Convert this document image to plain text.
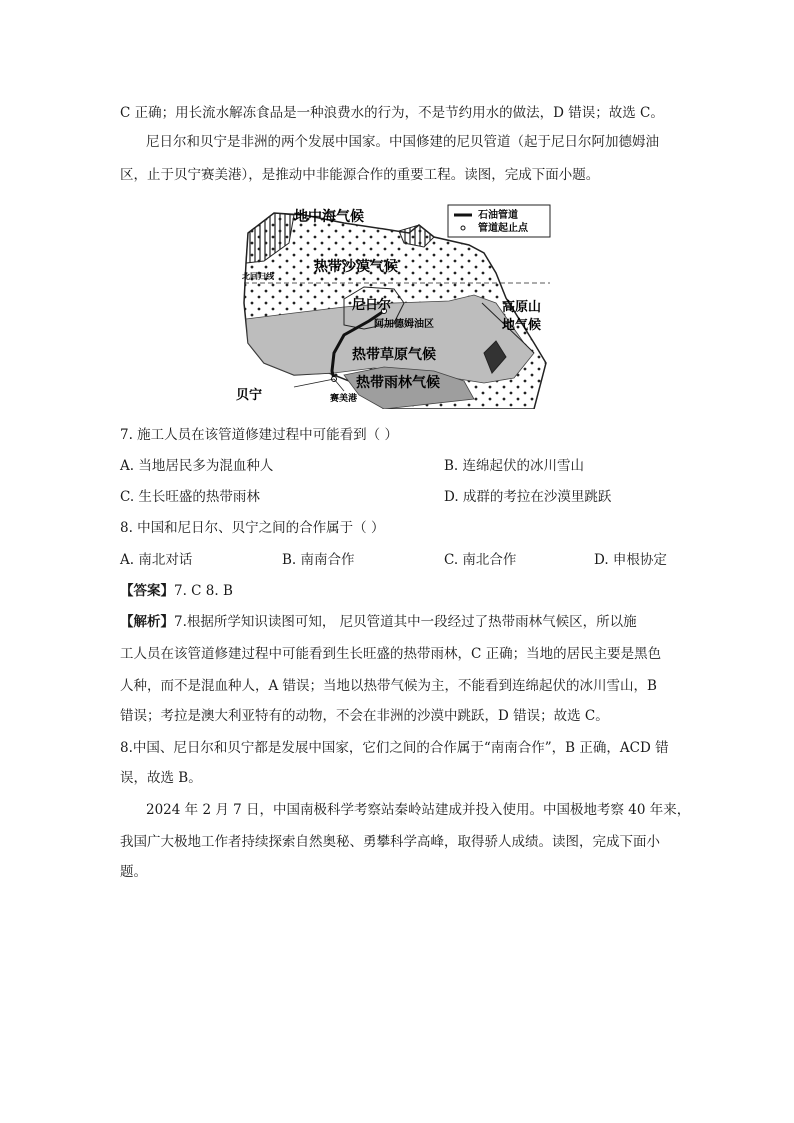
C 正确；用长流水解冻食品是一种浪费水的行为，不是节约用水的做法，D 错误；故选 C。
尼日尔和贝宁是非洲的两个发展中国家。中国修建的尼贝管道（起于尼日尔阿加德姆油
区，止于贝宁赛美港），是推动中非能源合作的重要工程。读图，完成下面小题。
石油管道
管道起止点
地中海气候
热带沙漠气候
北回归线
尼日尔
阿加德姆油区
高原山
地气候
热带草原气候
热带雨林气候
贝宁	赛美港
7. 施工人员在该管道修建过程中可能看到（ ）
A. 当地居民多为混血种人	B. 连绵起伏的冰川雪山
C. 生长旺盛的热带雨林	D. 成群的考拉在沙漠里跳跃
8. 中国和尼日尔、贝宁之间的合作属于（ ）
A. 南北对话	B. 南南合作	C. 南北合作	D. 申根协定
【答案】7. C 8. B
【解析】7.根据所学知识读图可知， 尼贝管道其中一段经过了热带雨林气候区，所以施
工人员在该管道修建过程中可能看到生长旺盛的热带雨林，C 正确；当地的居民主要是黑色
人种，而不是混血种人，A 错误；当地以热带气候为主，不能看到连绵起伏的冰川雪山，B
错误；考拉是澳大利亚特有的动物，不会在非洲的沙漠中跳跃，D 错误；故选 C。
8.中国、尼日尔和贝宁都是发展中国家，它们之间的合作属于“南南合作”，B 正确，ACD 错
误，故选 B。
2024 年 2 月 7 日，中国南极科学考察站秦岭站建成并投入使用。中国极地考察 40 年来，
我国广大极地工作者持续探索自然奥秘、勇攀科学高峰，取得骄人成绩。读图，完成下面小
题。
